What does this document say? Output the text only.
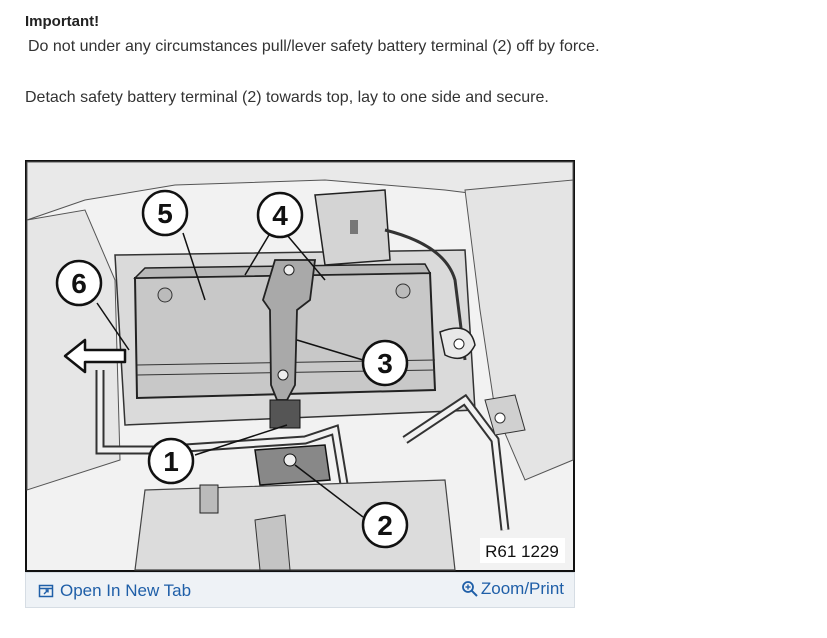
Important!
Do not under any circumstances pull/lever safety battery terminal (2) off by force.
Detach safety battery terminal (2) towards top, lay to one side and secure.
5	4
6
3
1
2
R61 1229
Open In New Tab	Zoom/Print
